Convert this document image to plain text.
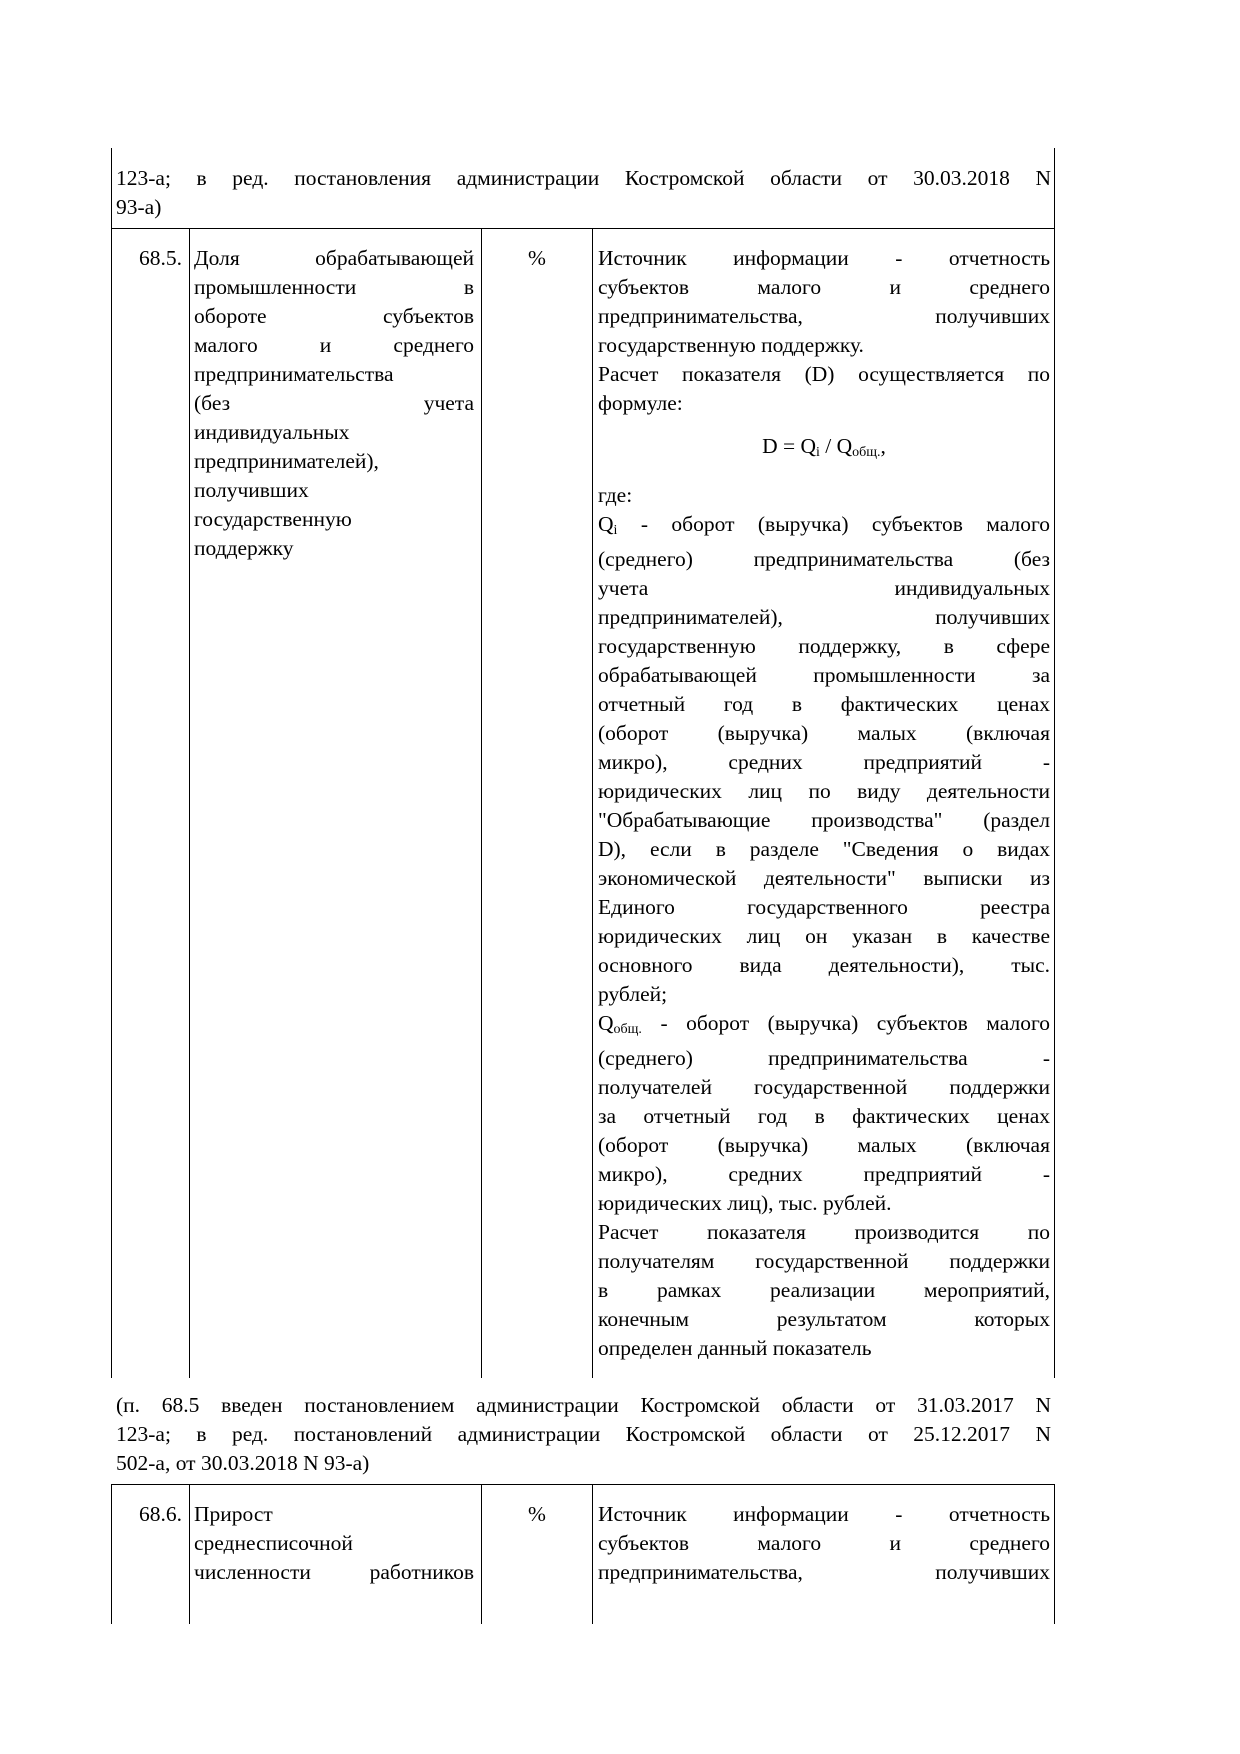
123-а; в ред. постановления администрации Костромской области от 30.03.2018 N
93-а)
68.5. Доля обрабатывающей
промышленности в
обороте субъектов
малого и среднего
предпринимательства
(без учета
индивидуальных
предпринимателей),
получивших
государственную
поддержку
%	Источник информации - отчетность
субъектов малого и среднего
предпринимательства, получивших
государственную поддержку.
Расчет показателя (D) осуществляется по
формуле:
$D = Q_i / Q_{общ.}$,
где:
$Q_i$ - оборот (выручка) субъектов малого
(среднего) предпринимательства (без
учета индивидуальных
предпринимателей), получивших
государственную поддержку, в сфере
обрабатывающей промышленности за
отчетный год в фактических ценах
(оборот (выручка) малых (включая
микро), средних предприятий -
юридических лиц по виду деятельности
"Обрабатывающие производства" (раздел
D), если в разделе "Сведения о видах
экономической деятельности" выписки из
Единого государственного реестра
юридических лиц он указан в качестве
основного вида деятельности), тыс.
рублей;
$Q_{общ.}$ - оборот (выручка) субъектов малого
(среднего) предпринимательства -
получателей государственной поддержки
за отчетный год в фактических ценах
(оборот (выручка) малых (включая
микро), средних предприятий -
юридических лиц), тыс. рублей.
Расчет показателя производится по
получателям государственной поддержки
в рамках реализации мероприятий,
конечным результатом которых
определен данный показатель
(п. 68.5 введен постановлением администрации Костромской области от 31.03.2017 N
123-а; в ред. постановлений администрации Костромской области от 25.12.2017 N
502-а, от 30.03.2018 N 93-а)
68.6. Прирост
среднесписочной
численности работников
%	Источник информации - отчетность
субъектов малого и среднего
предпринимательства, получивших
